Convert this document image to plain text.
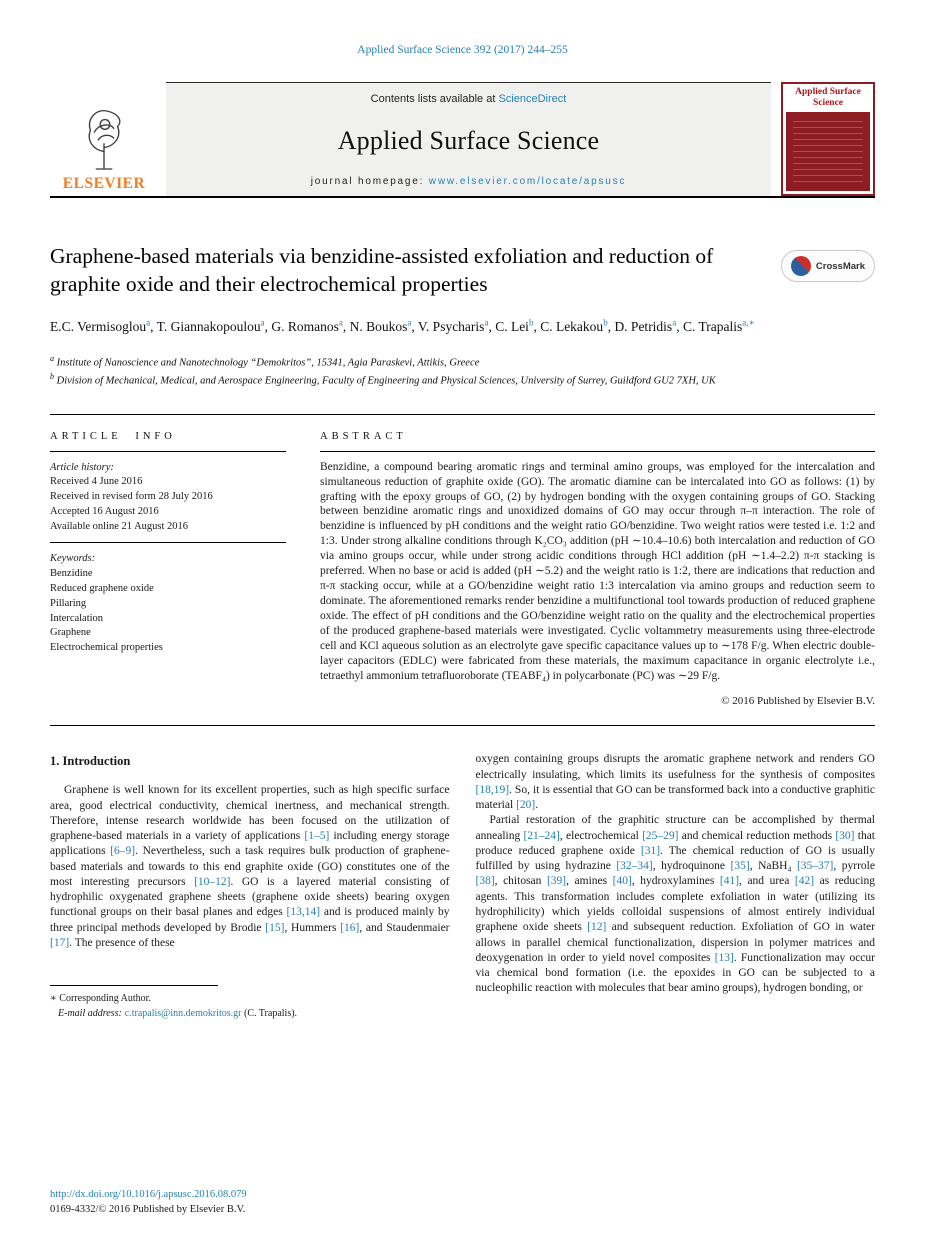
Applied Surface Science 392 (2017) 244–255
ELSEVIER
Contents lists available at ScienceDirect
Applied Surface Science
journal homepage: www.elsevier.com/locate/apsusc
Applied Surface Science
Graphene-based materials via benzidine-assisted exfoliation and reduction of graphite oxide and their electrochemical properties
CrossMark
E.C. Vermisoglou$^a$ , T. Giannakopoulou$^a$ , G. Romanos$^a$ , N. Boukos$^a$ , V. Psycharis$^a$ , C. Lei$^b$ , C. Lekakou$^b$ , D. Petridis$^a$ , C. Trapalis$^{a,∗}$
$^a$ Institute of Nanoscience and Nanotechnology “Demokritos”, 15341, Agia Paraskevi, Attikis, Greece
$^b$ Division of Mechanical, Medical, and Aerospace Engineering, Faculty of Engineering and Physical Sciences, University of Surrey, Guildford GU2 7XH, UK
ARTICLE INFO
Article history:
Received 4 June 2016
Received in revised form 28 July 2016
Accepted 16 August 2016
Available online 21 August 2016
Keywords:
Benzidine
Reduced graphene oxide
Pillaring
Intercalation
Graphene
Electrochemical properties
ABSTRACT

Benzidine, a compound bearing aromatic rings and terminal amino groups, was employed for the intercalation and simultaneous reduction of graphite oxide (GO). The aromatic diamine can be intercalated into GO as follows: (1) by grafting with the epoxy groups of GO, (2) by hydrogen bonding with the oxygen containing groups of GO. Stacking between benzidine aromatic rings and unoxidized domains of GO may occur through π–π interaction. The role of benzidine is influenced by pH conditions and the weight ratio GO/benzidine. Two weight ratios were tested i.e. 1:2 and 1:3. Under strong alkaline conditions through K₂CO₃ addition (pH ∼10.4–10.6) both intercalation and reduction of GO via amino groups occur, while under strong acidic conditions through HCl addition (pH ∼1.4–2.2) π-π stacking is preferred. When no base or acid is added (pH ∼5.2) and the weight ratio is 1:2, there are indications that reduction and π-π stacking occur, while at a GO/benzidine weight ratio 1:3 intercalation via amino groups and reduction seem to dominate. The aforementioned remarks render benzidine a multifunctional tool towards production of reduced graphene oxide. The effect of pH conditions and the GO/benzidine weight ratio on the quality and the electrochemical properties of the produced graphene-based materials were investigated. Cyclic voltammetry measurements using three-electrode cell and KCl aqueous solution as an electrolyte gave specific capacitance values up to ∼178 F/g. When electric double-layer capacitors (EDLC) were fabricated from these materials, the maximum capacitance in organic electrolyte i.e., tetraethyl ammonium tetrafluoroborate (TEABF₄) in polycarbonate (PC) was ∼29 F/g.

© 2016 Published by Elsevier B.V.
1. Introduction

Graphene is well known for its excellent properties, such as high specific surface area, good electrical conductivity, chemical inertness, and mechanical strength. Therefore, intense research worldwide has been focused on the utilization of graphene-based materials in a variety of applications [1–5] including energy storage applications [6–9]. Nevertheless, such a task requires bulk production of graphene-based materials and towards to this end graphite oxide (GO) constitutes one of the most interesting precursors [10–12]. GO is a layered material consisting of hydrophilic oxygenated graphene sheets (graphene oxide sheets) bearing oxygen functional groups on their basal planes and edges [13,14] and is produced mainly by three principal methods developed by Brodie [15], Hummers [16], and Staudenmaier [17]. The presence of these

∗ Corresponding Author.
E-mail address: c.trapalis@inn.demokritos.gr (C. Trapalis).

oxygen containing groups disrupts the aromatic graphene network and renders GO electrically insulating, which limits its usefulness for the synthesis of composites [18,19]. So, it is essential that GO can be transformed back into a conductive graphitic material [20].

Partial restoration of the graphitic structure can be accomplished by thermal annealing [21–24], electrochemical [25–29] and chemical reduction methods [30] that produce reduced graphene oxide [31]. The chemical reduction of GO is usually fulfilled by using hydrazine [32–34], hydroquinone [35], NaBH₄ [35–37], pyrrole [38], chitosan [39], amines [40], hydroxylamines [41], and urea [42] as reducing agents. This transformation includes complete exfoliation in water (utilizing its hydrophilicity) which yields colloidal suspensions of almost entirely individual graphene oxide sheets [12] and subsequent reduction. Exfoliation of GO in water allows in parallel chemical functionalization, dispersion in polymer matrices and deoxygenation in order to yield novel composites [13]. Functionalization may occur via chemical bond formation (i.e. the epoxides in GO can be subjected to a nucleophilic reaction with molecules that bear amino groups), hydrogen bonding, or

http://dx.doi.org/10.1016/j.apsusc.2016.08.079
0169-4332/© 2016 Published by Elsevier B.V.
